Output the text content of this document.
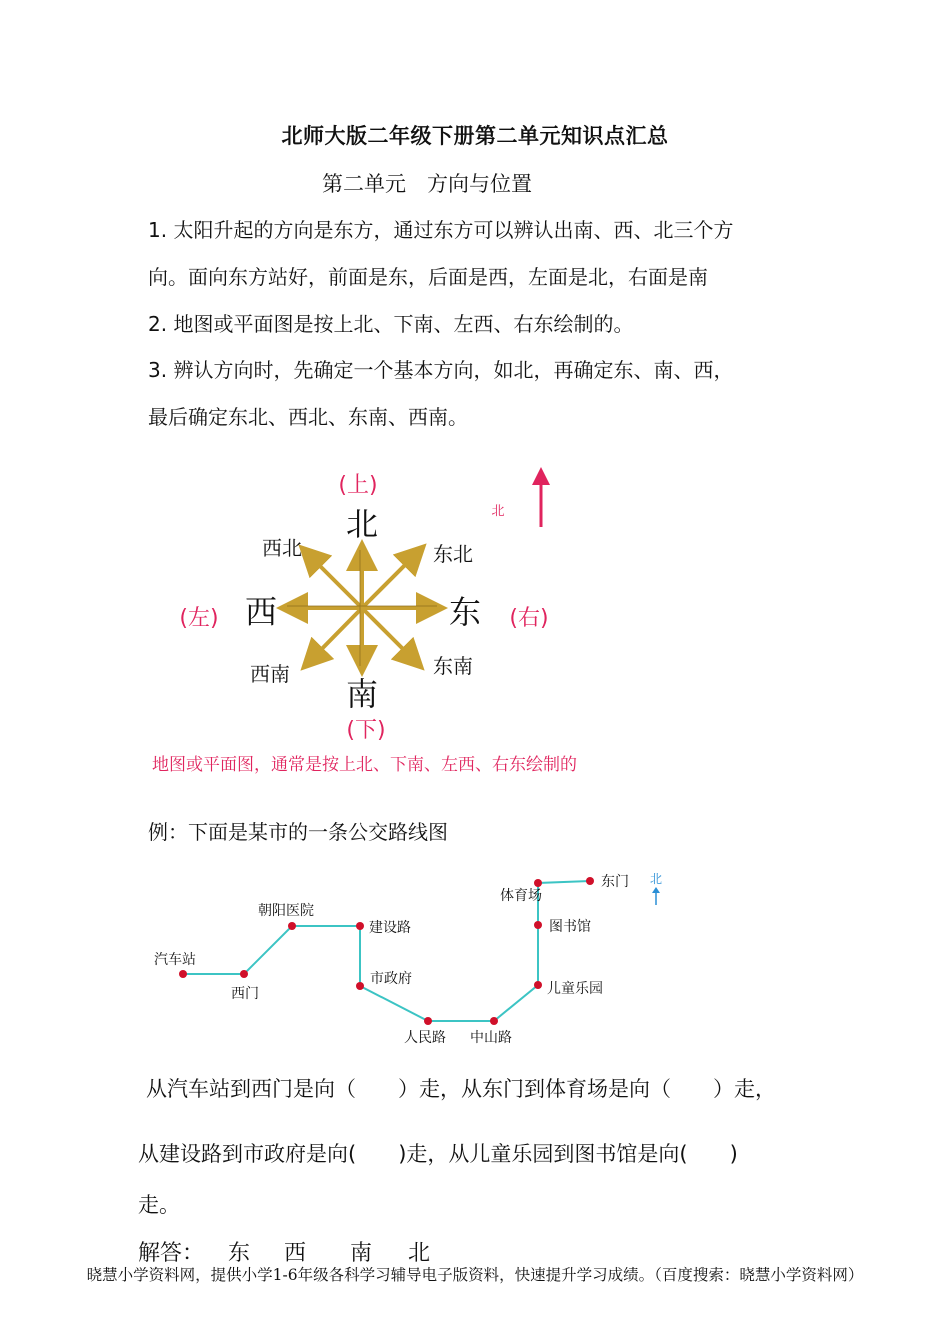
北师大版二年级下册第二单元知识点汇总
第二单元　方向与位置
1. 太阳升起的方向是东方，通过东方可以辨认出南、西、北三个方
向。面向东方站好，前面是东，后面是西，左面是北，右面是南
2. 地图或平面图是按上北、下南、左西、右东绘制的。
3. 辨认方向时，先确定一个基本方向，如北，再确定东、南、西，
最后确定东北、西北、东南、西南。
(上)
北
西北	东北
(左) 西	东 (右)
西南	东南
南
(下)
北
地图或平面图，通常是按上北、下南、左西、右东绘制的
例：下面是某市的一条公交路线图
汽车站
西门
朝阳医院
建设路
市政府
人民路 中山路
儿童乐园
图书馆
体育场
东门 北
从汽车站到西门是向（　　）走，从东门到体育场是向（　　）走，
从建设路到市政府是向(　　)走，从儿童乐园到图书馆是向(　　)
走。
解答： 东 西 南 北
晓慧小学资料网，提供小学1-6年级各科学习辅导电子版资料，快速提升学习成绩。（百度搜索：晓慧小学资料网）
